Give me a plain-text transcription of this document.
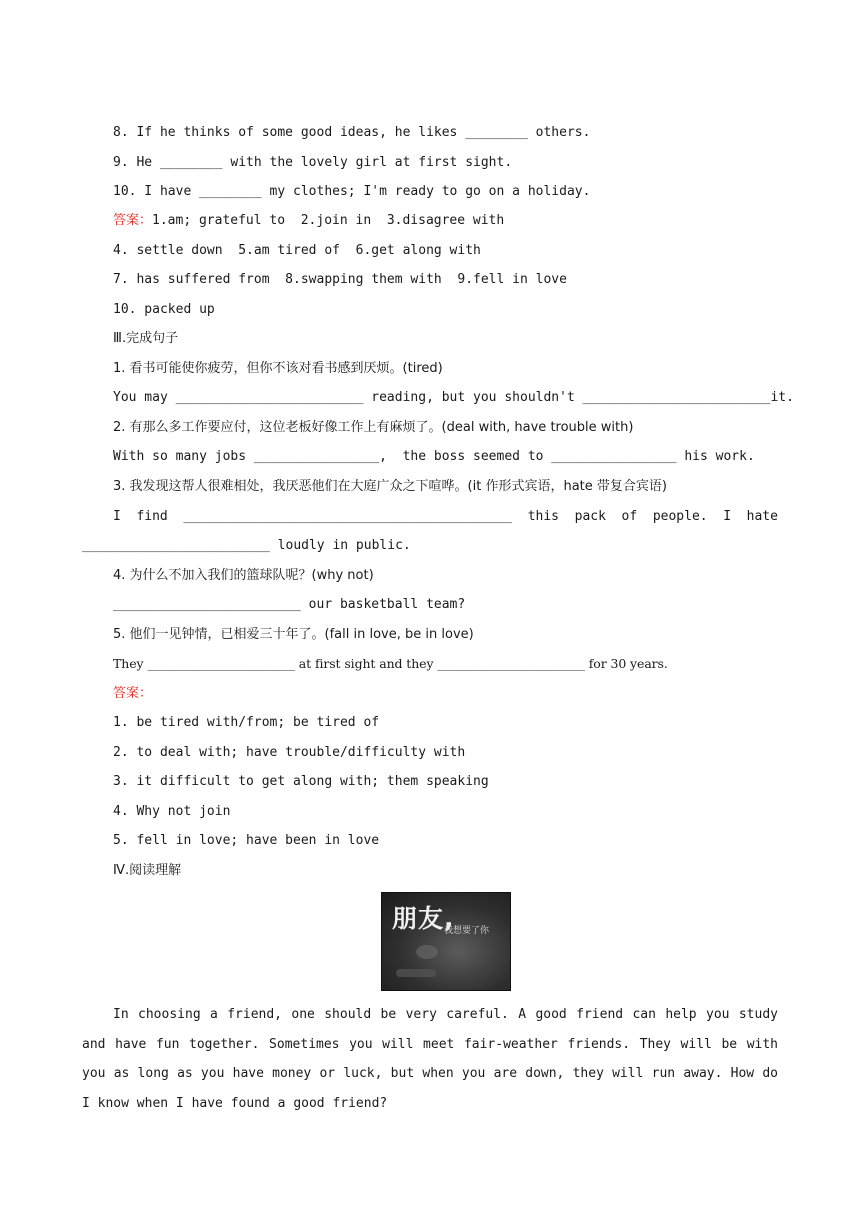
8. If he thinks of some good ideas, he likes ________ others.
9. He ________ with the lovely girl at first sight.
10. I have ________ my clothes; I'm ready to go on a holiday.
答案：1.am; grateful to  2.join in  3.disagree with
4. settle down  5.am tired of  6.get along with
7. has suffered from  8.swapping them with  9.fell in love
10. packed up
Ⅲ.完成句子
1. 看书可能使你疲劳，但你不该对看书感到厌烦。(tired)
You may ________________________ reading, but you shouldn't ________________________it.
2. 有那么多工作要应付，这位老板好像工作上有麻烦了。(deal with, have trouble with)
With so many jobs ________________,  the boss seemed to ________________ his work.
3. 我发现这帮人很难相处，我厌恶他们在大庭广众之下喧哗。(it 作形式宾语，hate 带复合宾语)
I find __________________________________________ this pack of people. I hate
________________________ loudly in public.
4. 为什么不加入我们的篮球队呢？(why not)
________________________ our basketball team?
5. 他们一见钟情，已相爱三十年了。(fall in love, be in love)
They ________________________ at first sight and they ________________________ for 30 years.
答案：
1. be tired with/from; be tired of
2. to deal with; have trouble/difficulty with
3. it difficult to get along with; them speaking
4. Why not join
5. fell in love; have been in love
Ⅳ.阅读理解
朋友,
我想要了你

In choosing a friend, one should be very careful. A good friend can help you study and have fun together. Sometimes you will meet fair-weather friends. They will be with you as long as you have money or luck, but when you are down, they will run away. How do I know when I have found a good friend?
